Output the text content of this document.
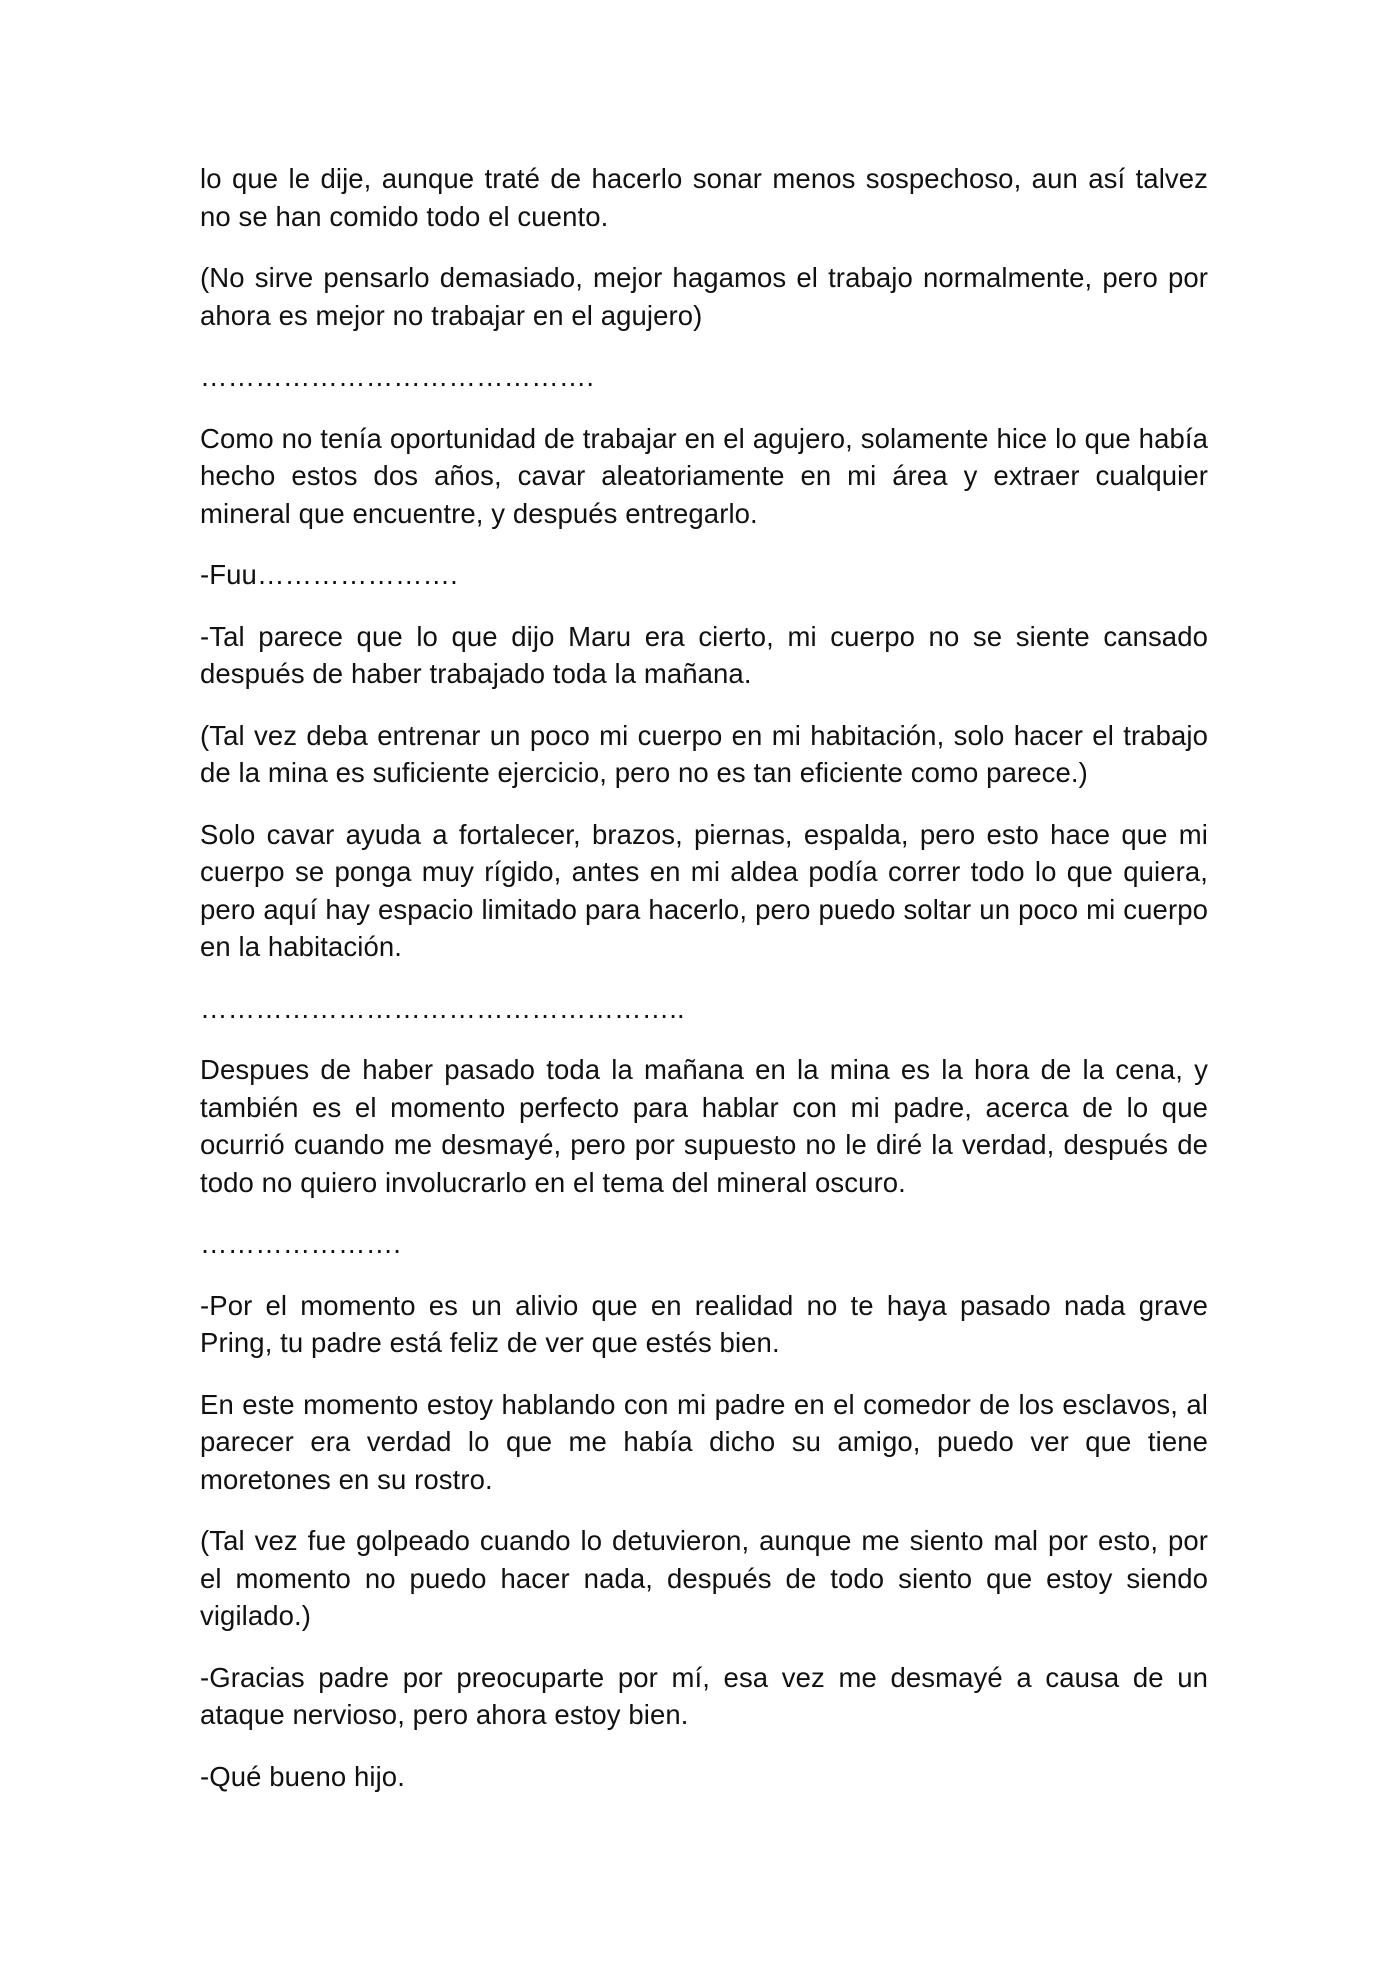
lo que le dije, aunque traté de hacerlo sonar menos sospechoso, aun así talvez no se han comido todo el cuento.

(No sirve pensarlo demasiado, mejor hagamos el trabajo normalmente, pero por ahora es mejor no trabajar en el agujero)

…………………………………….

Como no tenía oportunidad de trabajar en el agujero, solamente hice lo que había hecho estos dos años, cavar aleatoriamente en mi área y extraer cualquier mineral que encuentre, y después entregarlo.

-Fuu………………….

-Tal parece que lo que dijo Maru era cierto, mi cuerpo no se siente cansado después de haber trabajado toda la mañana.

(Tal vez deba entrenar un poco mi cuerpo en mi habitación, solo hacer el trabajo de la mina es suficiente ejercicio, pero no es tan eficiente como parece.)

Solo cavar ayuda a fortalecer, brazos, piernas, espalda, pero esto hace que mi cuerpo se ponga muy rígido, antes en mi aldea podía correr todo lo que quiera, pero aquí hay espacio limitado para hacerlo, pero puedo soltar un poco mi cuerpo en la habitación.

……………………………………………..

Despues de haber pasado toda la mañana en la mina es la hora de la cena, y también es el momento perfecto para hablar con mi padre, acerca de lo que ocurrió cuando me desmayé, pero por supuesto no le diré la verdad, después de todo no quiero involucrarlo en el tema del mineral oscuro.

………………….

-Por el momento es un alivio que en realidad no te haya pasado nada grave Pring, tu padre está feliz de ver que estés bien.

En este momento estoy hablando con mi padre en el comedor de los esclavos, al parecer era verdad lo que me había dicho su amigo, puedo ver que tiene moretones en su rostro.

(Tal vez fue golpeado cuando lo detuvieron, aunque me siento mal por esto, por el momento no puedo hacer nada, después de todo siento que estoy siendo vigilado.)

-Gracias padre por preocuparte por mí, esa vez me desmayé a causa de un ataque nervioso, pero ahora estoy bien.

-Qué bueno hijo.
